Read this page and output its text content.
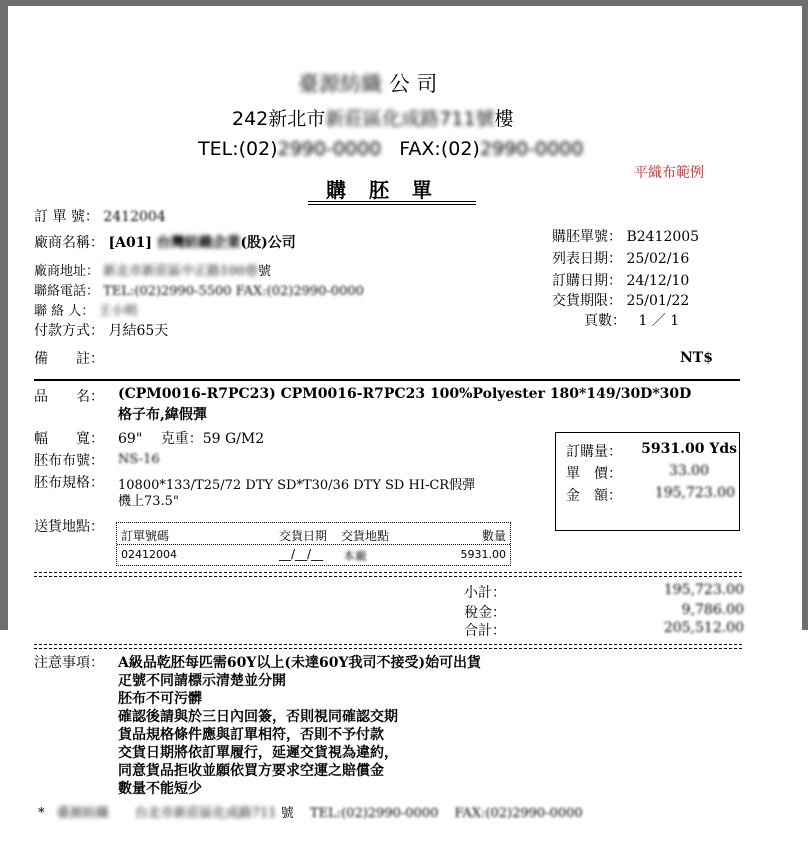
臺源紡織 公 司
242新北市新莊區化成路711號樓
TEL:(02)2990-0000 FAX:(02)2990-0000
平織布範例
購 胚 單
訂 單 號： 2412004
廠商名稱： [A01] 台灣紡織企業(股)公司
廠商地址： 新北市新莊區中正路100巷號
聯絡電話： TEL:(02)2990-5500 FAX:(02)2990-0000
聯 絡 人： 王小明
付款方式： 月結65天
備　　註：	NT$
購胚單號： B2412005
列表日期： 25/02/16
訂購日期： 24/12/10
交貨期限： 25/01/22
頁數： 1 ／ 1
品　　名： (CPM0016-R7PC23) CPM0016-R7PC23 100%Polyester 180*149/30D*30D
格子布,緯假彈
幅　　寬： 69" 克重：59 G/M2
胚布布號： NS-16
胚布規格： 10800*133/T25/72 DTY SD*T30/36 DTY SD HI-CR假彈
機上73.5"
送貨地點：
訂購量： 5931.00 Yds
單　價：	33.00
金　額： 195,723.00
訂單號碼	交貨日期 交貨地點	數量
02412004	__/__/__ 本廠	5931.00
小計：	195,723.00
稅金：	9,786.00
合計：	205,512.00
注意事項： A級品乾胚每匹需60Y以上(未達60Y我司不接受)始可出貨
疋號不同請標示清楚並分開
胚布不可污髒
確認後請與於三日內回簽，否則視同確認交期
貨品規格條件應與訂單相符，否則不予付款
交貨日期將依訂單履行，延遲交貨視為違約，
同意貨品拒收並願依買方要求空運之賠償金
數量不能短少
* 臺源紡織 台北市新莊區化成路711 號 TEL:(02)2990-0000 FAX:(02)2990-0000
